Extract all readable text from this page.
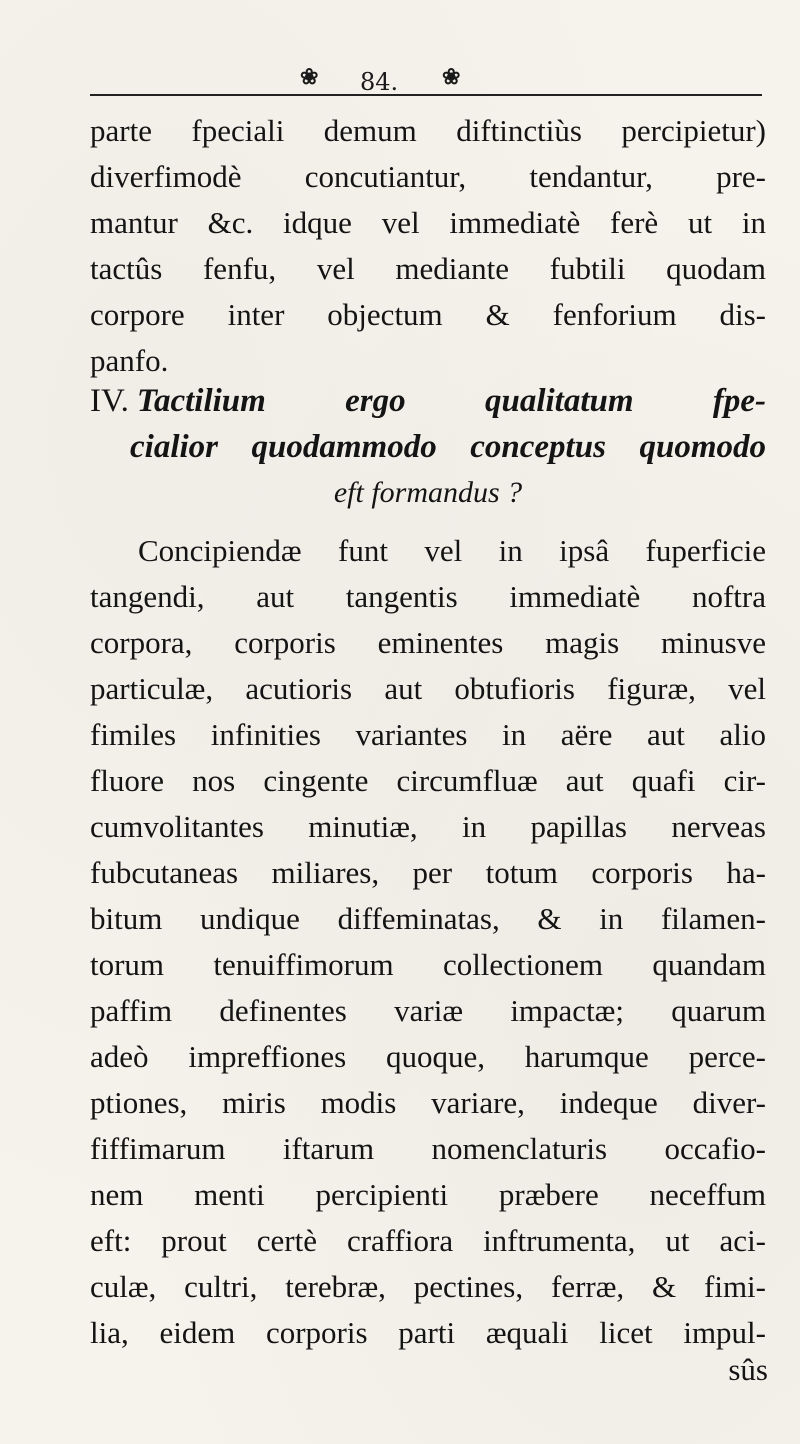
❀ 84. ❀
parte fpeciali demum diftinctiùs percipietur)
diverfimodè concutiantur, tendantur, pre-
mantur &c. idque vel immediatè ferè ut in
tactûs fenfu, vel mediante fubtili quodam
corpore inter objectum & fenforium dis-
panfo.
IV. Tactilium ergo qualitatum fpe-
cialior quodammodo conceptus quomodo
eft formandus ?
Concipiendæ funt vel in ipsâ fuperficie
tangendi, aut tangentis immediatè noftra
corpora, corporis eminentes magis minusve
particulæ, acutioris aut obtufioris figuræ, vel
fimiles infinities variantes in aëre aut alio
fluore nos cingente circumfluæ aut quafi cir-
cumvolitantes minutiæ, in papillas nerveas
fubcutaneas miliares, per totum corporis ha-
bitum undique diffeminatas, & in filamen-
torum tenuiffimorum collectionem quandam
paffim definentes variæ impactæ; quarum
adeò impreffiones quoque, harumque perce-
ptiones, miris modis variare, indeque diver-
fiffimarum iftarum nomenclaturis occafio-
nem menti percipienti præbere neceffum
eft: prout certè craffiora inftrumenta, ut aci-
culæ, cultri, terebræ, pectines, ferræ, & fimi-
lia, eidem corporis parti æquali licet impul-
sûs
